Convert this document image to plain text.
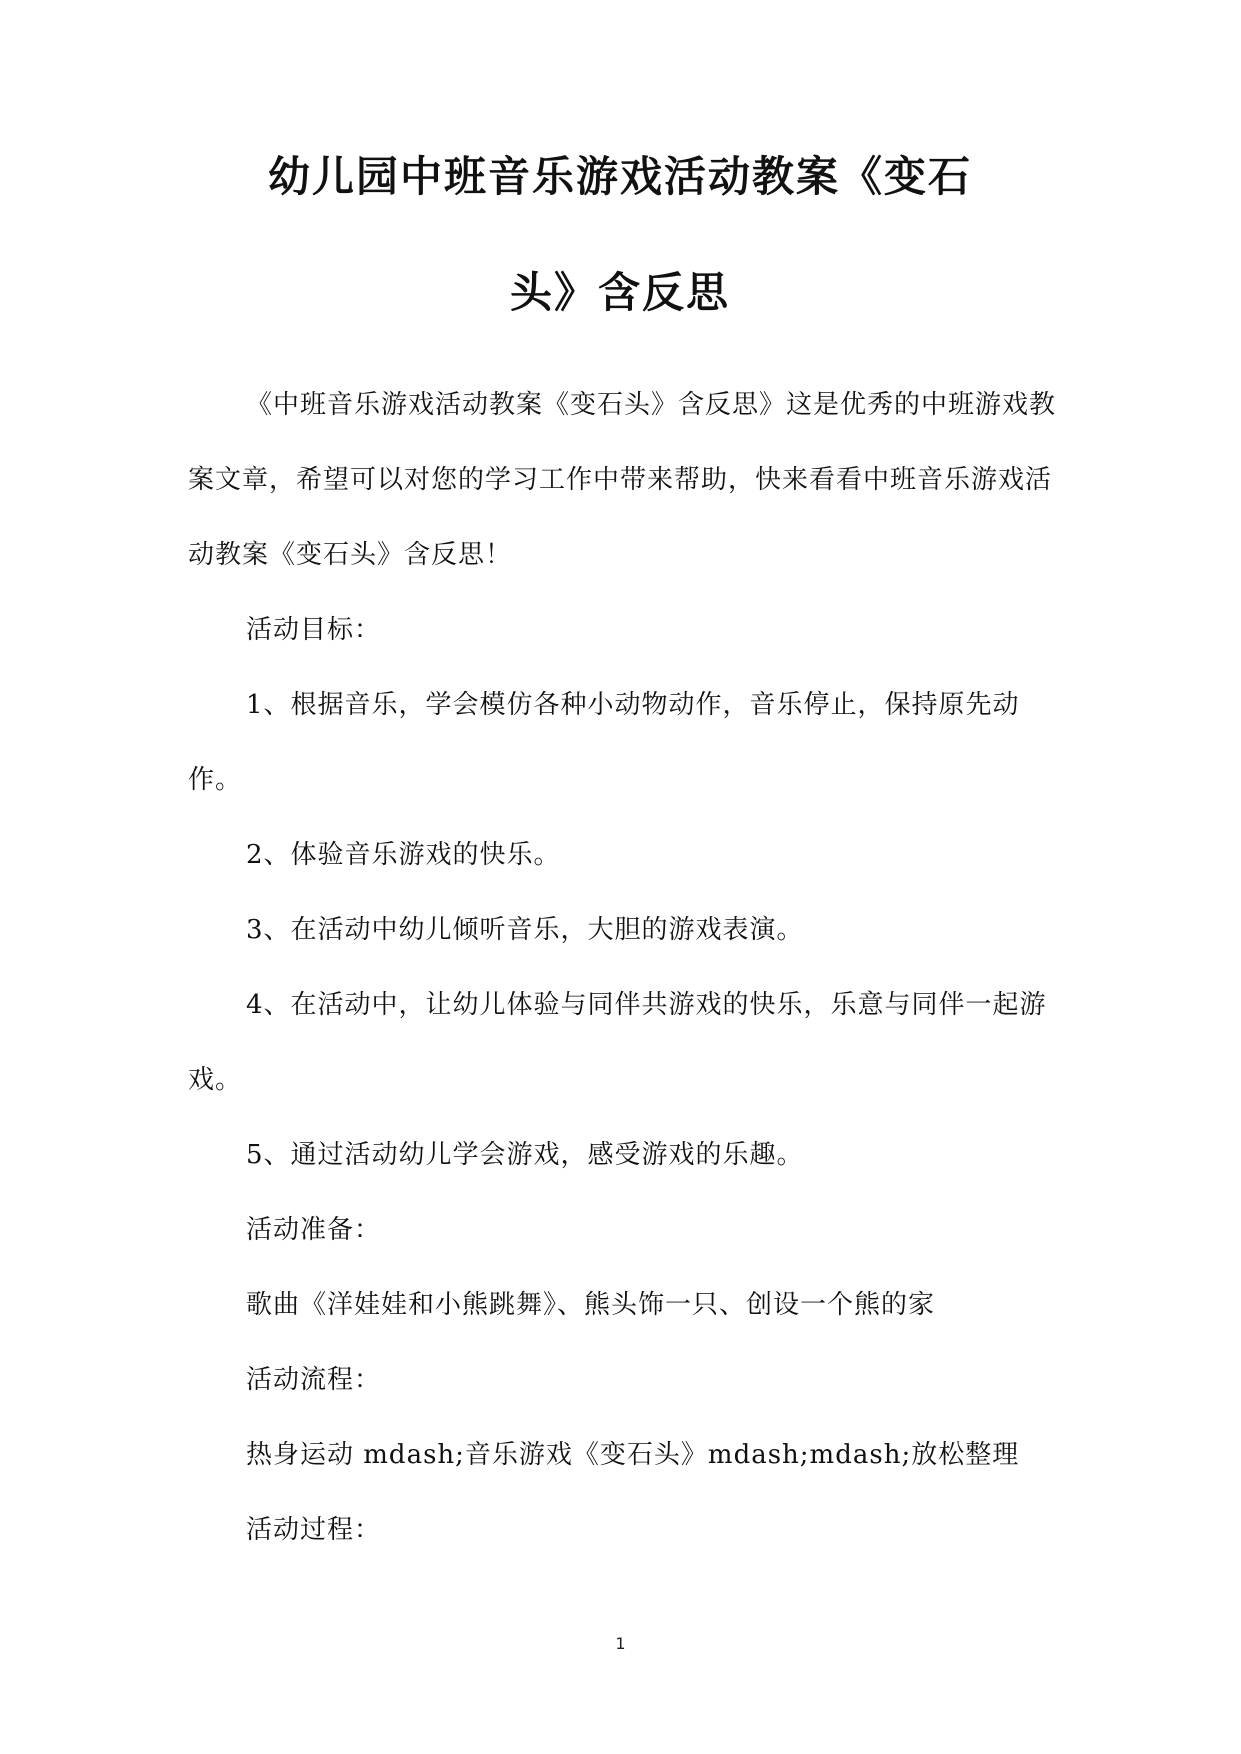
幼儿园中班音乐游戏活动教案《变石
头》含反思

《中班音乐游戏活动教案《变石头》含反思》这是优秀的中班游戏教案文章，希望可以对您的学习工作中带来帮助，快来看看中班音乐游戏活动教案《变石头》含反思！

活动目标：

1、根据音乐，学会模仿各种小动物动作，音乐停止，保持原先动作。

2、体验音乐游戏的快乐。

3、在活动中幼儿倾听音乐，大胆的游戏表演。

4、在活动中，让幼儿体验与同伴共游戏的快乐，乐意与同伴一起游戏。

5、通过活动幼儿学会游戏，感受游戏的乐趣。

活动准备：

歌曲《洋娃娃和小熊跳舞》、熊头饰一只、创设一个熊的家

活动流程：

热身运动 mdash;音乐游戏《变石头》mdash;mdash;放松整理

活动过程：

1
